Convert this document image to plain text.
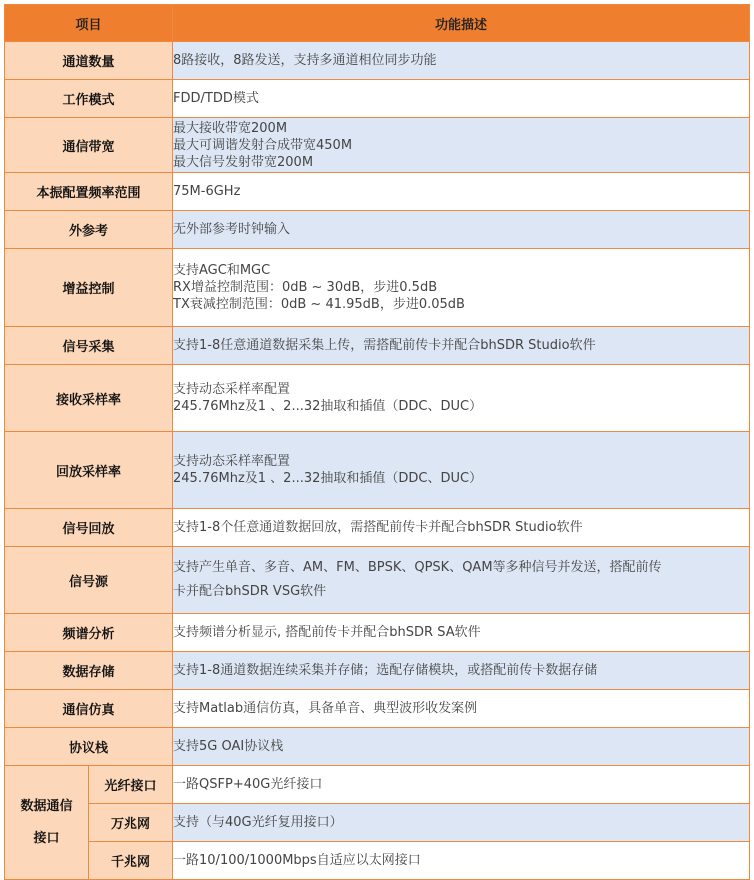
项目		功能描述
通道数量		8路接收，8路发送，支持多通道相位同步功能

工作模式		FDD/TDD模式

通信带宽		最大接收带宽200M
最大可调谐发射合成带宽450M
最大信号发射带宽200M

本振配置频率范围		75M-6GHz

外参考		无外部参考时钟输入

增益控制		支持AGC和MGC
RX增益控制范围：0dB ~ 30dB，步进0.5dB
TX衰减控制范围：0dB ~ 41.95dB，步进0.05dB

信号采集		支持1-8任意通道数据采集上传，需搭配前传卡并配合bhSDR Studio软件

接收采样率		支持动态采样率配置
245.76Mhz及1 、2...32抽取和插值（DDC、DUC）

回放采样率		支持动态采样率配置
245.76Mhz及1 、2...32抽取和插值（DDC、DUC）

信号回放		支持1-8个任意通道数据回放，需搭配前传卡并配合bhSDR Studio软件

信号源		支持产生单音、多音、AM、FM、BPSK、QPSK、QAM等多种信号并发送，搭配前传
卡并配合bhSDR VSG软件

频谱分析		支持频谱分析显示, 搭配前传卡并配合bhSDR SA软件

数据存储		支持1-8通道数据连续采集并存储；选配存储模块，或搭配前传卡数据存储

通信仿真		支持Matlab通信仿真，具备单音、典型波形收发案例

协议栈		支持5G OAI协议栈

数据通信
接口	光纤接口	一路QSFP+40G光纤接口
	万兆网	支持（与40G光纤复用接口）
	千兆网	一路10/100/1000Mbps自适应以太网接口
